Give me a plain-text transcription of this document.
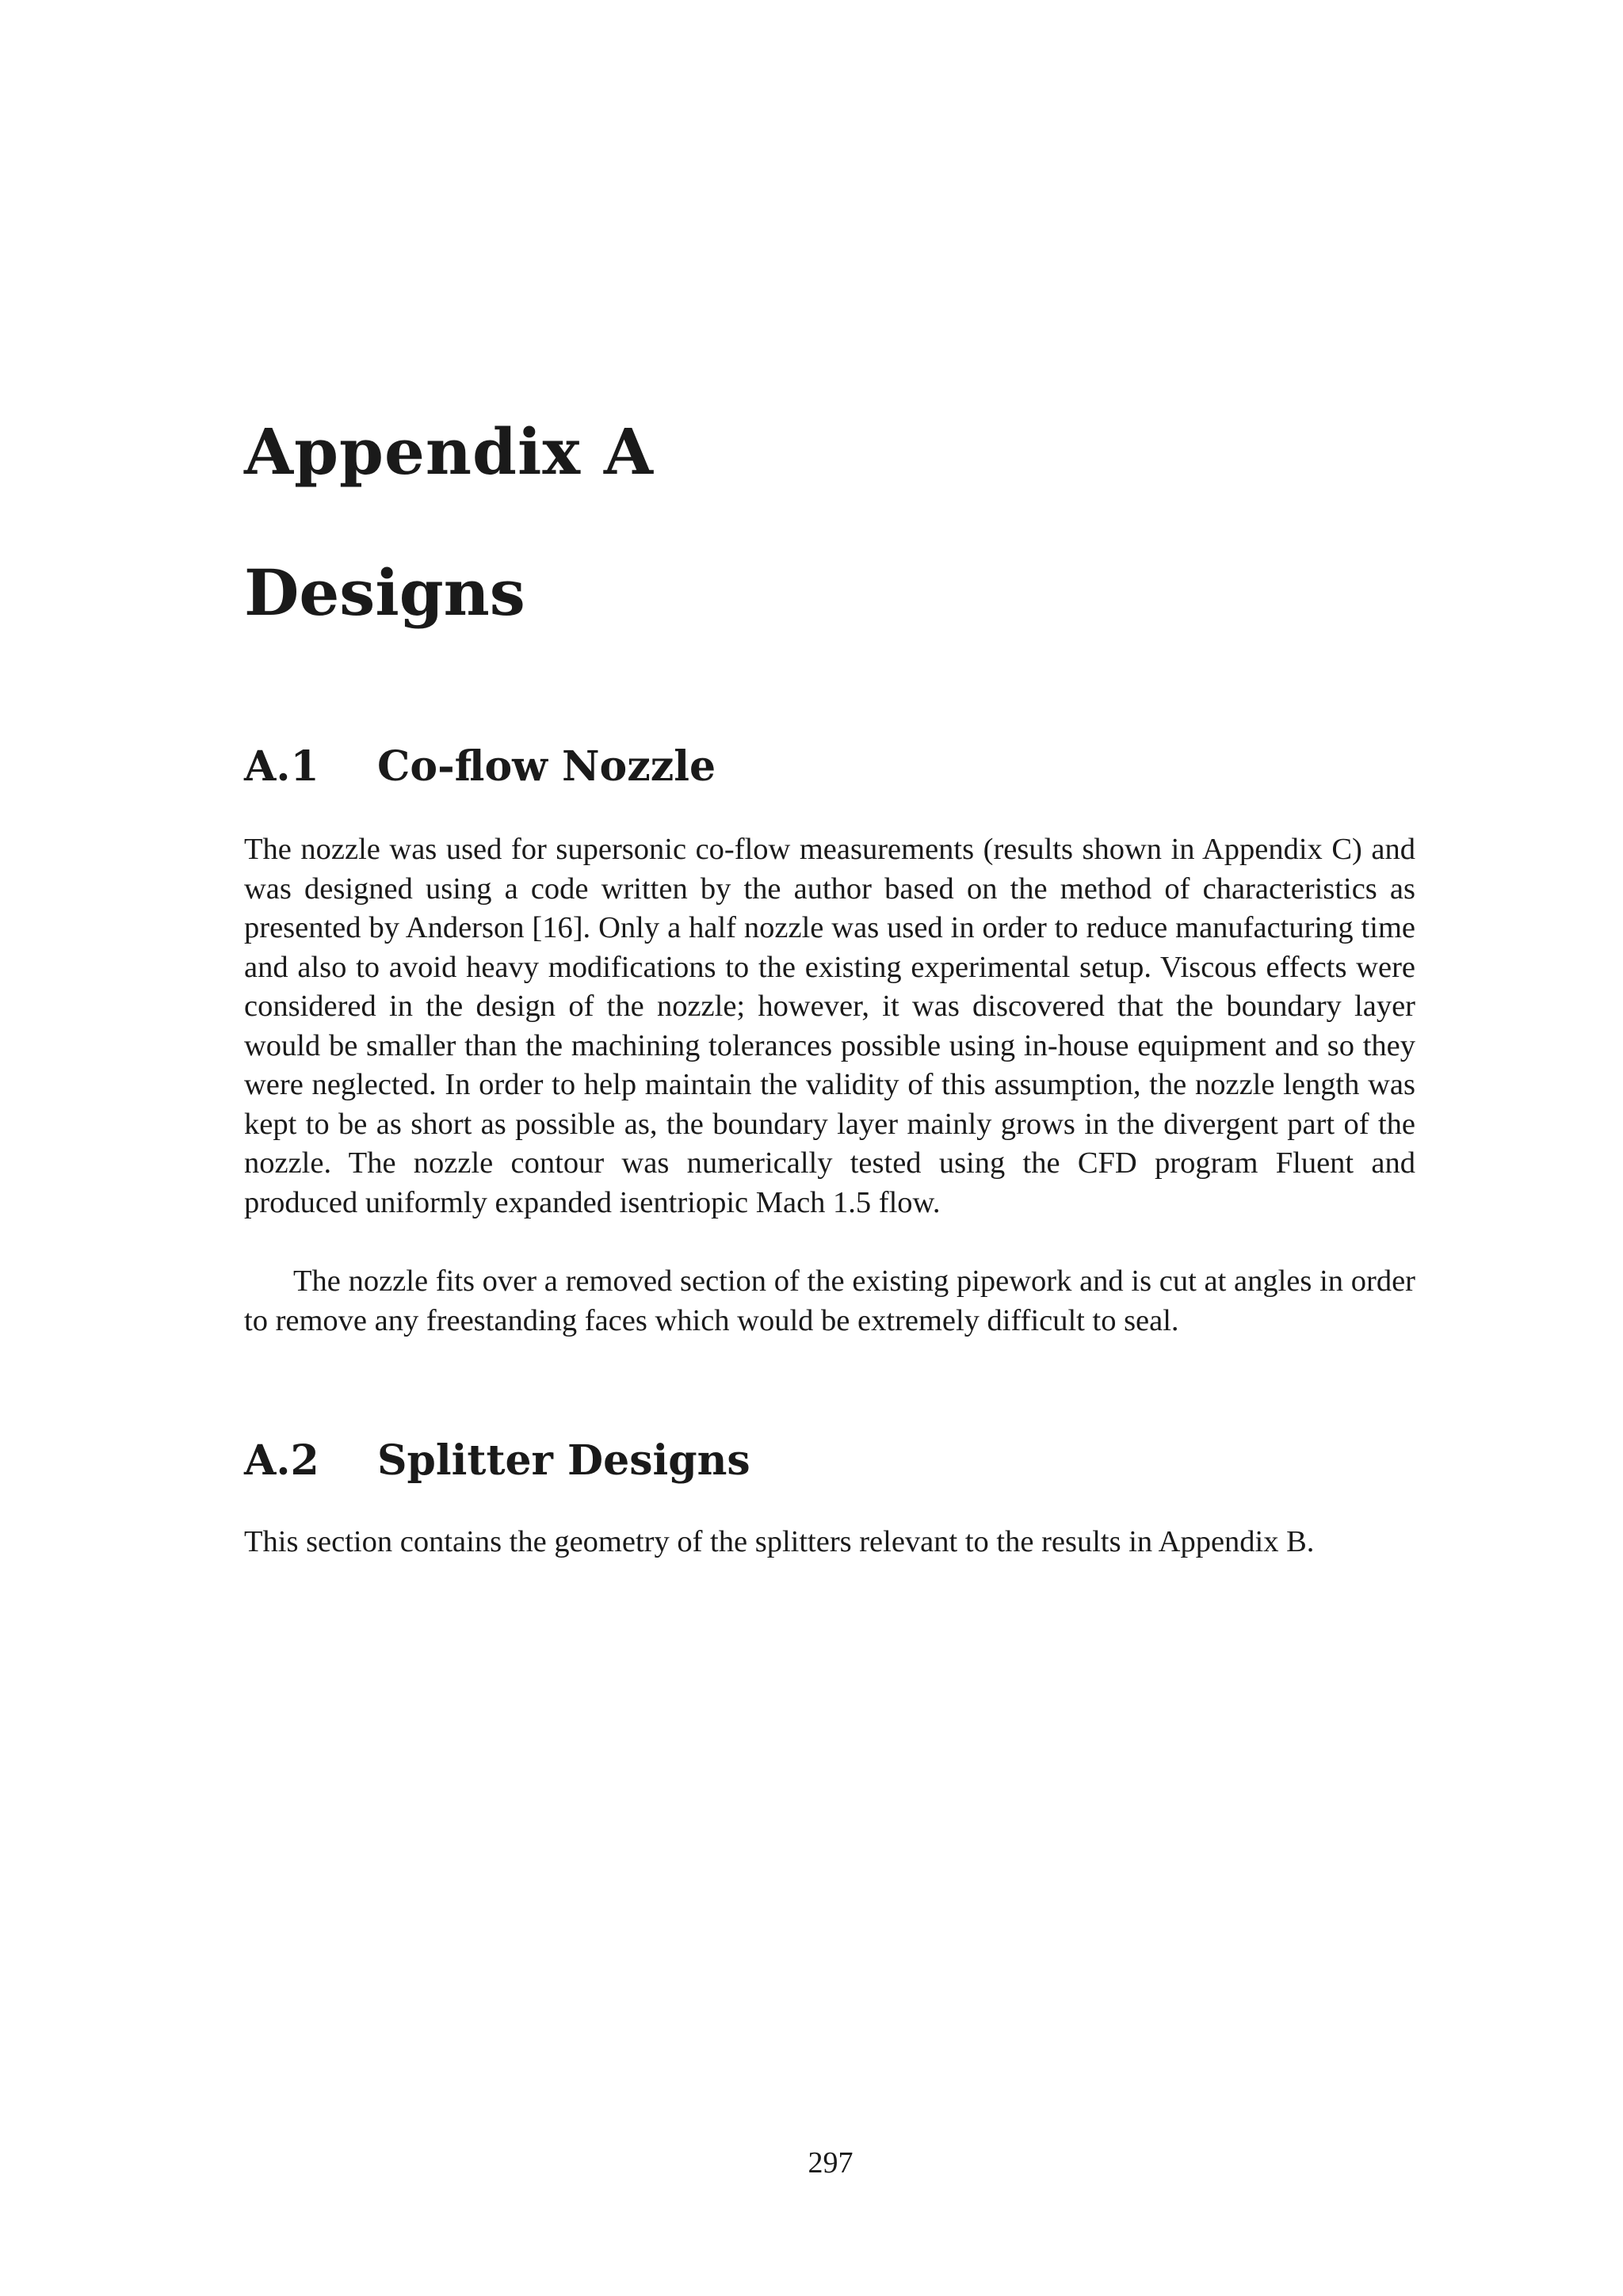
Appendix A
Designs
A.1 Co-flow Nozzle

The nozzle was used for supersonic co-flow measurements (results shown in Appendix C) and was designed using a code written by the author based on the method of characteristics as presented by Anderson [16]. Only a half nozzle was used in order to reduce manufacturing time and also to avoid heavy modifications to the existing experimental setup. Viscous effects were considered in the design of the nozzle; however, it was discovered that the boundary layer would be smaller than the machining tolerances possible using in-house equipment and so they were neglected. In order to help maintain the validity of this assumption, the nozzle length was kept to be as short as possible as, the boundary layer mainly grows in the divergent part of the nozzle. The nozzle contour was numerically tested using the CFD program Fluent and produced uniformly expanded isentriopic Mach 1.5 flow.

The nozzle fits over a removed section of the existing pipework and is cut at angles in order to remove any freestanding faces which would be extremely difficult to seal.

A.2 Splitter Designs

This section contains the geometry of the splitters relevant to the results in Appendix B.

297
